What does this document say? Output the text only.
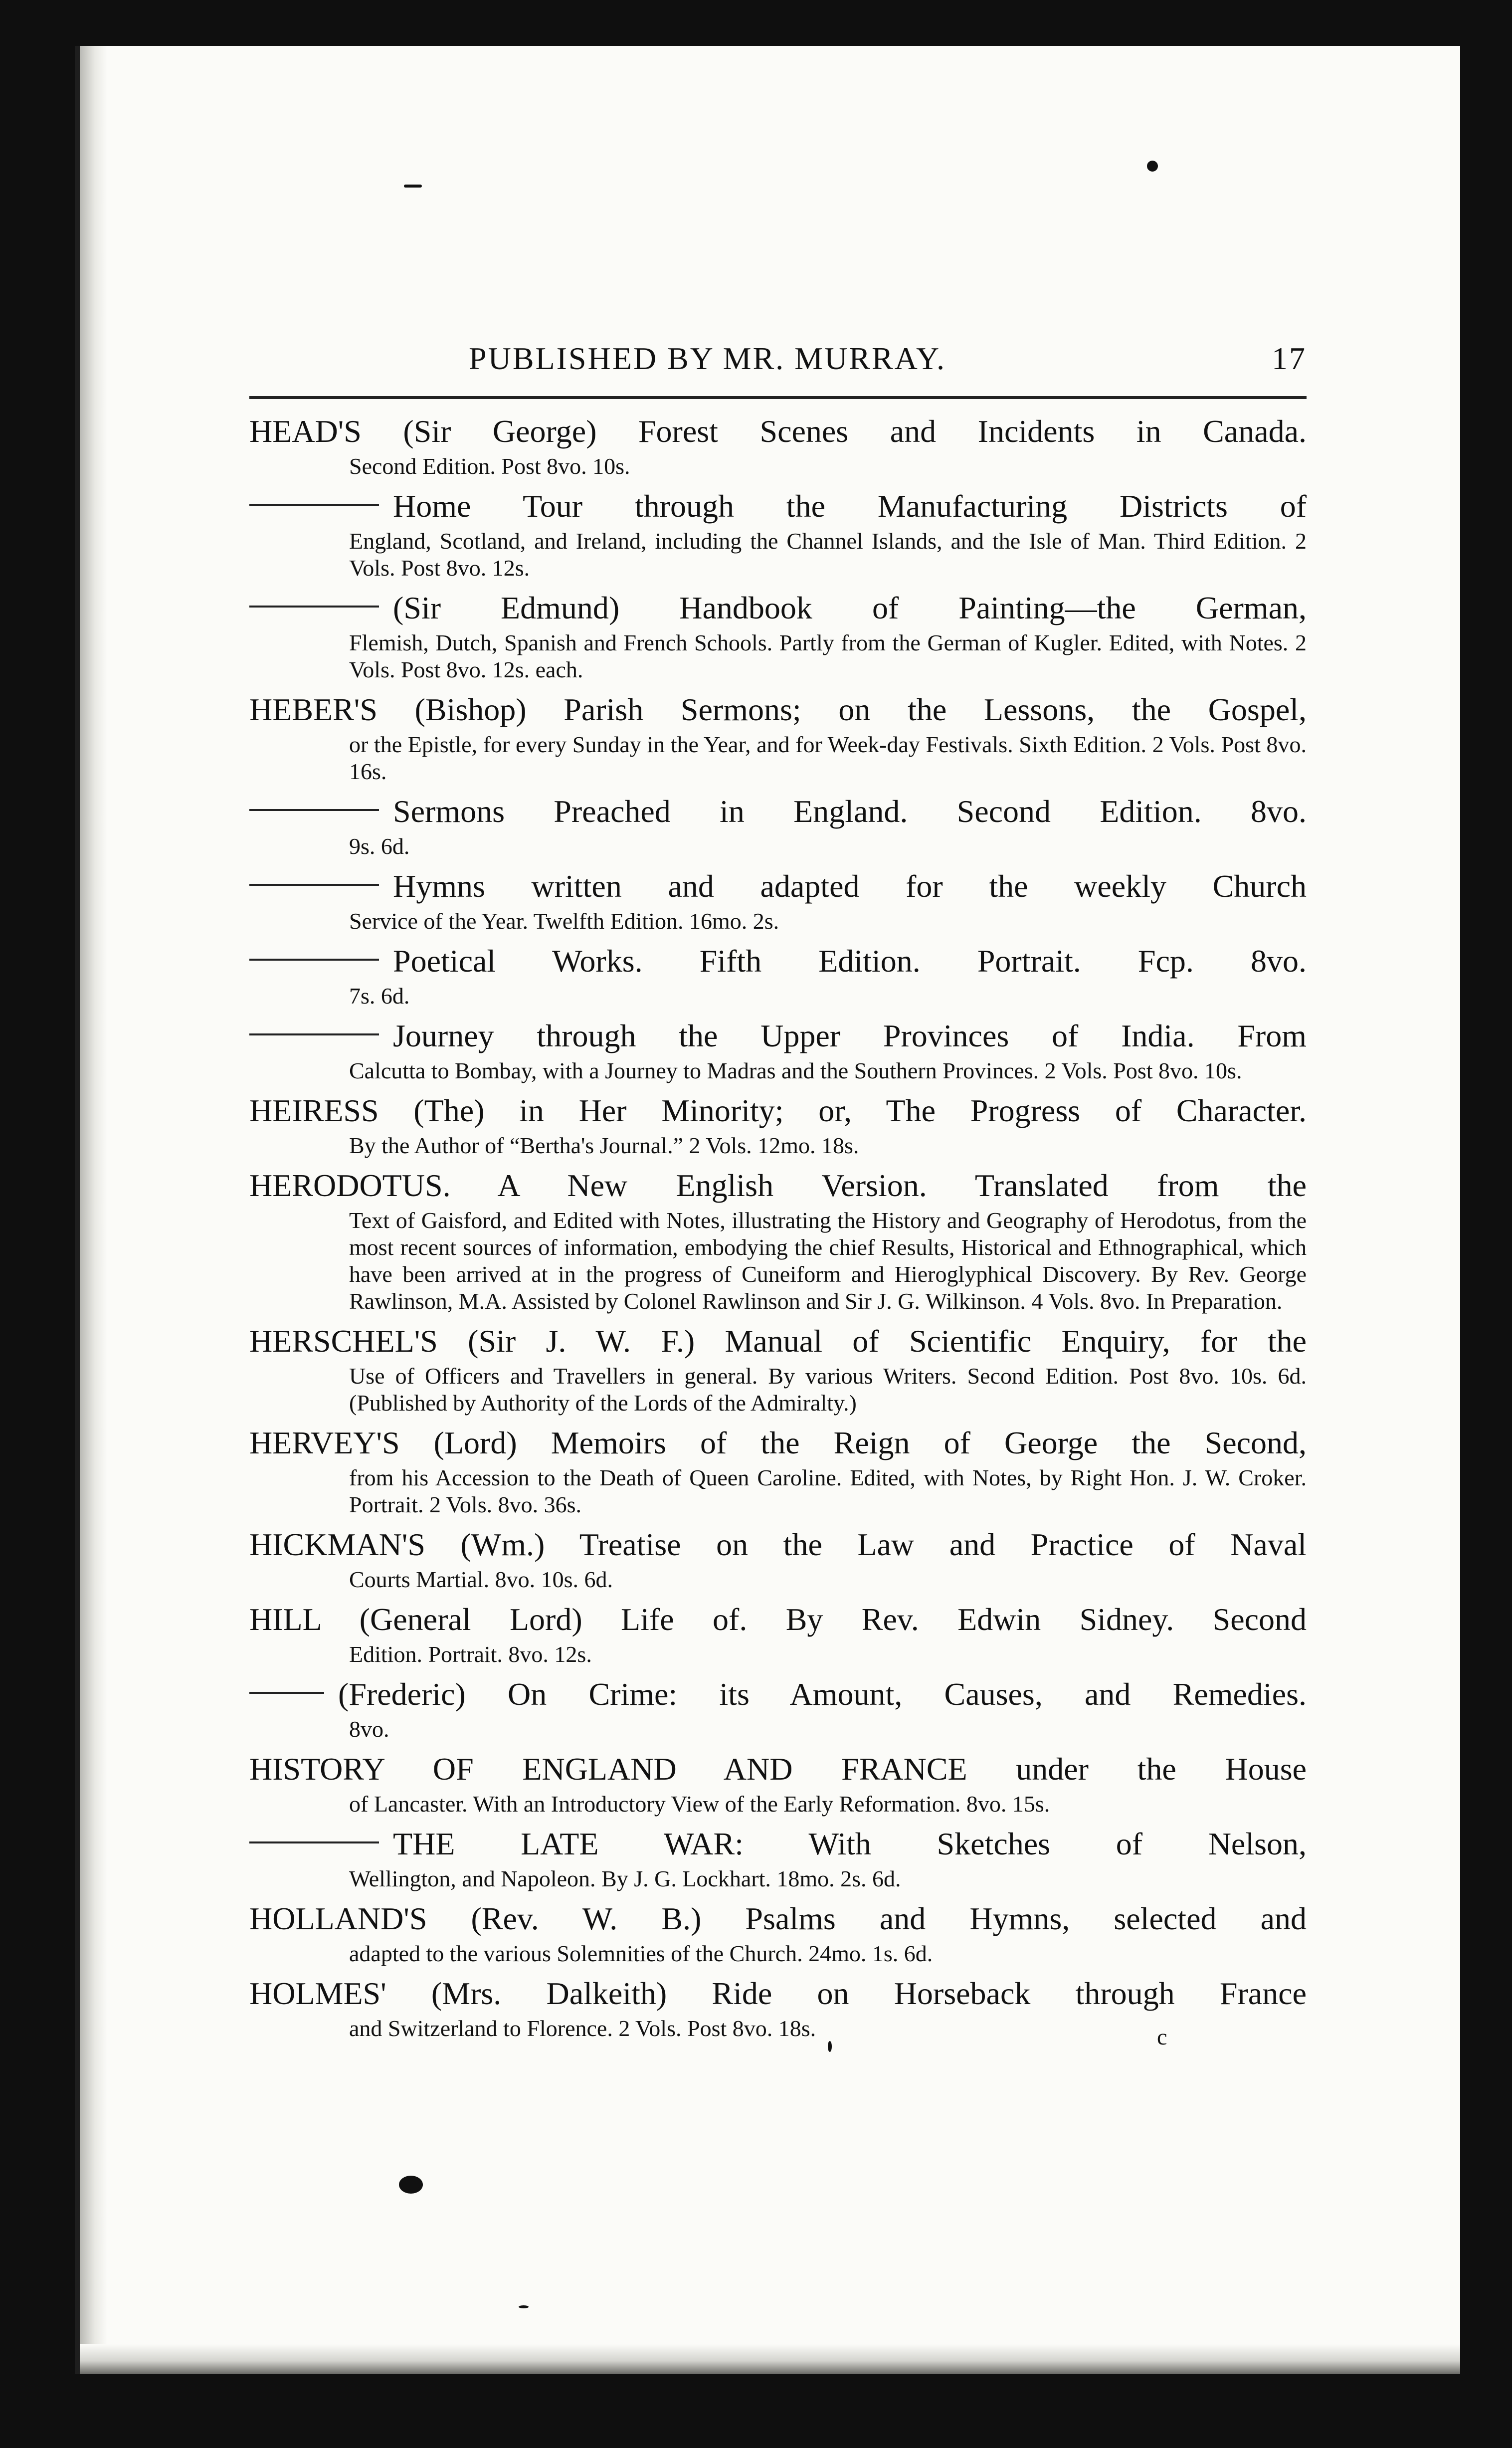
PUBLISHED BY MR. MURRAY.	17
HEAD'S (Sir George) Forest Scenes and Incidents in Canada.
Second Edition. Post 8vo. 10s.
Home Tour through the Manufacturing Districts of
England, Scotland, and Ireland, including the Channel Islands, and the Isle of Man. Third Edition. 2 Vols. Post 8vo. 12s.
(Sir Edmund) Handbook of Painting—the German,
Flemish, Dutch, Spanish and French Schools. Partly from the German of Kugler. Edited, with Notes. 2 Vols. Post 8vo. 12s. each.
HEBER'S (Bishop) Parish Sermons; on the Lessons, the Gospel,
or the Epistle, for every Sunday in the Year, and for Week-day Festivals. Sixth Edition. 2 Vols. Post 8vo. 16s.
Sermons Preached in England. Second Edition. 8vo.
9s. 6d.
Hymns written and adapted for the weekly Church
Service of the Year. Twelfth Edition. 16mo. 2s.
Poetical Works. Fifth Edition. Portrait. Fcp. 8vo.
7s. 6d.
Journey through the Upper Provinces of India. From
Calcutta to Bombay, with a Journey to Madras and the Southern Provinces. 2 Vols. Post 8vo. 10s.
HEIRESS (The) in Her Minority; or, The Progress of Character.
By the Author of “Bertha's Journal.” 2 Vols. 12mo. 18s.
HERODOTUS. A New English Version. Translated from the
Text of Gaisford, and Edited with Notes, illustrating the History and Geography of Herodotus, from the most recent sources of information, embodying the chief Results, Historical and Ethnographical, which have been arrived at in the progress of Cuneiform and Hieroglyphical Discovery. By Rev. George Rawlinson, M.A. Assisted by Colonel Rawlinson and Sir J. G. Wilkinson. 4 Vols. 8vo. In Preparation.
HERSCHEL'S (Sir J. W. F.) Manual of Scientific Enquiry, for the
Use of Officers and Travellers in general. By various Writers. Second Edition. Post 8vo. 10s. 6d. (Published by Authority of the Lords of the Admiralty.)
HERVEY'S (Lord) Memoirs of the Reign of George the Second,
from his Accession to the Death of Queen Caroline. Edited, with Notes, by Right Hon. J. W. Croker. Portrait. 2 Vols. 8vo. 36s.
HICKMAN'S (Wm.) Treatise on the Law and Practice of Naval
Courts Martial. 8vo. 10s. 6d.
HILL (General Lord) Life of. By Rev. Edwin Sidney. Second
Edition. Portrait. 8vo. 12s.
(Frederic) On Crime: its Amount, Causes, and Remedies.
8vo.
HISTORY OF ENGLAND AND FRANCE under the House
of Lancaster. With an Introductory View of the Early Reformation. 8vo. 15s.
THE LATE WAR: With Sketches of Nelson,
Wellington, and Napoleon. By J. G. Lockhart. 18mo. 2s. 6d.
HOLLAND'S (Rev. W. B.) Psalms and Hymns, selected and
adapted to the various Solemnities of the Church. 24mo. 1s. 6d.
HOLMES' (Mrs. Dalkeith) Ride on Horseback through France
and Switzerland to Florence. 2 Vols. Post 8vo. 18s.	c
